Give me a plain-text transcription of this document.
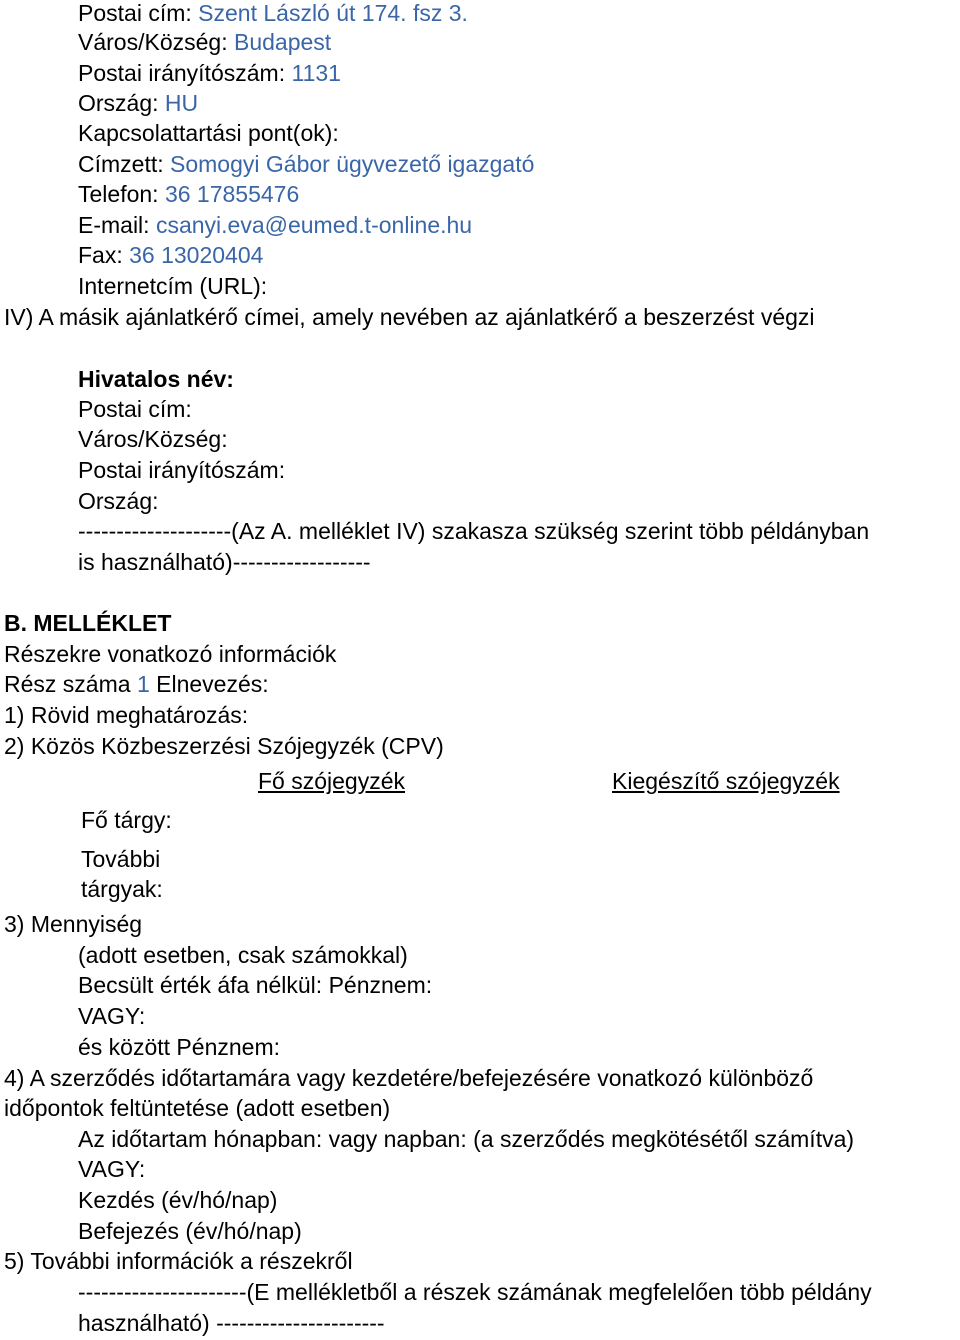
Postai cím: Szent László út 174. fsz 3.
Város/Község: Budapest
Postai irányítószám: 1131
Ország: HU
Kapcsolattartási pont(ok):
Címzett: Somogyi Gábor ügyvezető igazgató
Telefon: 36 17855476
E-mail: csanyi.eva@eumed.t-online.hu
Fax: 36 13020404
Internetcím (URL):
IV) A másik ajánlatkérő címei, amely nevében az ajánlatkérő a beszerzést végzi
Hivatalos név:
Postai cím:
Város/Község:
Postai irányítószám:
Ország:
--------------------(Az A. melléklet IV) szakasza szükség szerint több példányban
is használható)------------------
B. MELLÉKLET
Részekre vonatkozó információk
Rész száma 1 Elnevezés:
1) Rövid meghatározás:
2) Közös Közbeszerzési Szójegyzék (CPV)
Fő szójegyzék	Kiegészítő szójegyzék
Fő tárgy:
További
tárgyak:
3) Mennyiség
(adott esetben, csak számokkal)
Becsült érték áfa nélkül: Pénznem:
VAGY:
és között Pénznem:
4) A szerződés időtartamára vagy kezdetére/befejezésére vonatkozó különböző
időpontok feltüntetése (adott esetben)
Az időtartam hónapban: vagy napban: (a szerződés megkötésétől számítva)
VAGY:
Kezdés (év/hó/nap)
Befejezés (év/hó/nap)
5) További információk a részekről
----------------------(E mellékletből a részek számának megfelelően több példány
használható) ----------------------
